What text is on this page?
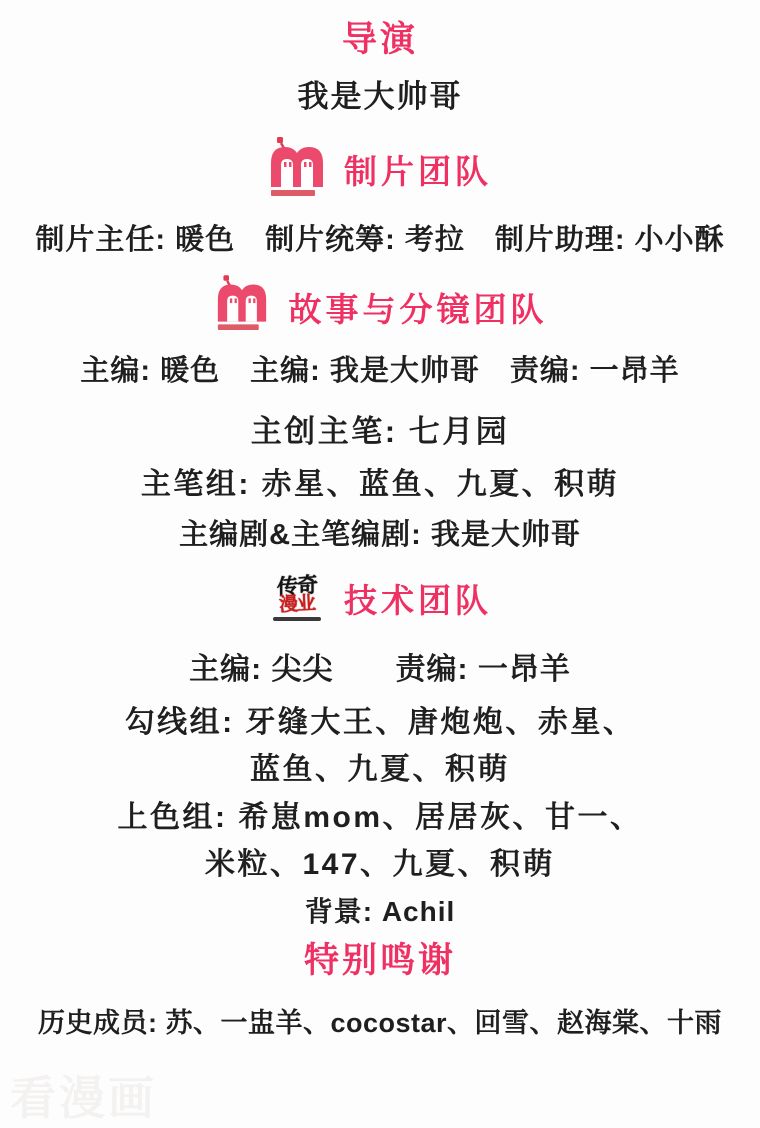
导演
我是大帅哥
制片团队
制片主任: 暖色　制片统筹: 考拉　制片助理: 小小酥
故事与分镜团队
主编: 暖色　主编: 我是大帅哥　责编: 一昂羊
主创主笔: 七月园
主笔组: 赤星、蓝鱼、九夏、积萌
主编剧&主笔编剧: 我是大帅哥
传奇
漫业 技术团队
主编: 尖尖　　责编: 一昂羊
勾线组: 牙缝大王、唐炮炮、赤星、
蓝鱼、九夏、积萌
上色组: 希崽mom、居居灰、甘一、
米粒、147、九夏、积萌
背景: Achil
特别鸣谢
历史成员: 苏、一盅羊、cocostar、回雪、赵海棠、十雨
看漫画
